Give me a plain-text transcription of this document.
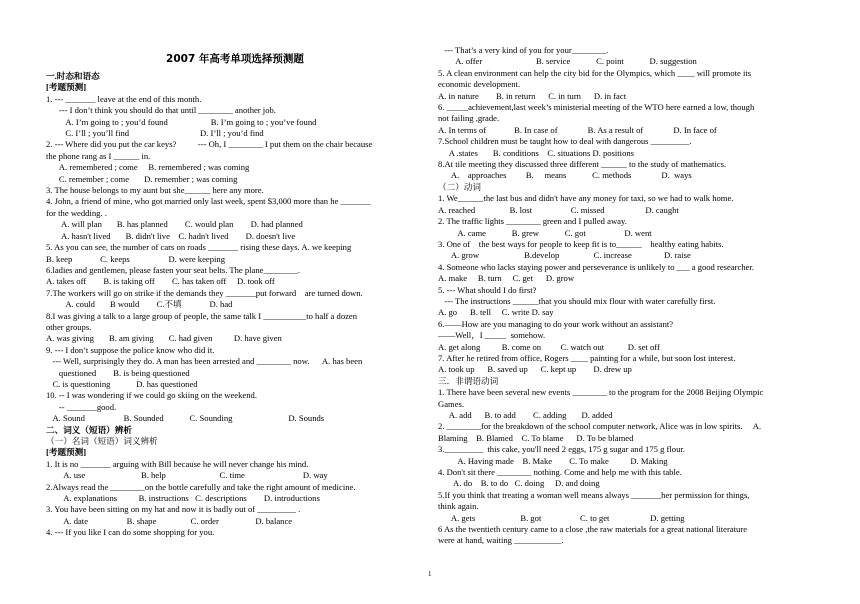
2007 年高考单项选择预测题
一.时态和语态
[考题预测]
1. --- _______ leave at the end of this month.
--- I don’t think you should do that until ________ another job.
A. I’m going to ; you’d found                    B. I’m going to ; you’ve found
C. I’ll ; you’ll find                                 D. I’ll ; you’d find
2. --- Where did you put the car keys?          --- Oh, I ________ I put them on the chair because
the phone rang as I ______ in.
A. remembered ; come     B. remembered ; was coming
C. remember ; come       D. remember ; was coming
3. The house belongs to my aunt but she______ here any more.
4. John, a friend of mine, who got married only last week, spent $3,000 more than he _______
for the wedding. .
A. will plan       B. has planned        C. would plan        D. had planned
A. hasn't lived       B. didn't live    C. hadn't lived        D. doesn't live
5. As you can see, the number of cars on roads _______ rising these days. A. we keeping
B. keep             C. keeps                  D. were keeping
6.ladies and gentlemen, please fasten your seat belts. The plane________.
A. takes off        B. is taking off        C. has taken off     D. took off
7.The workers will go on strike if the demands they _______put forward    are turned down.
A. could       B would        C.不填             D. had
8.I was giving a talk to a large group of people, the same talk I __________to half a dozen
other groups.
A. was giving       B. am giving       C. had given          D. have given
9. --- I don’t suppose the police know who did it.
--- Well, surprisingly they do. A man has been arrested and ________ now.      A. has been
questioned        B. is being questioned
C. is questioning            D. has questioned
10. -- I was wondering if we could go skiing on the weekend.
-- _______good.
A. Sound                  B. Sounded            C. Sounding                          D. Sounds
二、词义（短语）辨析
（一）名词（短语）词义辨析
[考题预测]
1. It is no _______ arguing with Bill because he will never change his mind.
A. use                          B. help                         C. time                           D. way
2.Always read the ________on the bottle carefully and take the right amount of medicine.
A. explanations          B. instructions   C. descriptions        D. introductions
3. You have been sitting on my hat and now it is badly out of _________ .
A. date                  B. shape                C. order                 D. balance
4. --- If you like I can do some shopping for you.
--- That’s a very kind of you for your________.
A. offer                         B. service            C. point            D. suggestion
5. A clean environment can help the city bid for the Olympics, which ____ will promote its
economic development.
A. in nature        B. in return      C. in turn      D. in fact
6. _____achievement,last week’s ministerial meeting of the WTO here earned a low, though
not failing ,grade.
A. In terms of             B. In case of              B. As a result of              D. In face of
7.School children must be taught how to deal with dangerous _________.
A .states       B. conditions    C. situations D. positions
8.At tile meeting they discussed three different ______ to the study of mathematics.
A.    approaches         B.     means            C. methods              D.  ways
（二）动词
1. We______the last bus and didn't have any money for taxi, so we had to walk home.
A. reached                B. lost                  C. missed                   D. caught
2. The traffic lights ________ green and I pulled away.
A. came            B. grew            C. got                  D. went
3. One of    the best ways for people to keep fit is to______    healthy eating habits.
A. grow                     B.develop                C. increase               D. raise
4. Someone who lacks staying power and perseverance is unlikely to ___ a good researcher.
A. make     B. turn     C. get      D. grow
5. --- What should I do first?
--- The instructions ______that you should mix flour with water carefully first.
A. go      B. tell     C. write D. say
6.——How are you managing to do your work without an assistant?
——Well，I _____  somehow.
A. get along          B. come on         C. watch out           D. set off
7. After he retired from office, Rogers ____ painting for a while, but soon lost interest.
A. took up      B. saved up      C. kept up        D. drew up
三．非谓语动词
1. There have been several new events ________ to the program for the 2008 Beijing Olympic
Games.
A. add      B. to add        C. adding       D. added
2. ________for the breakdown of the school computer network, Alice was in low spirits.     A.
Blaming    B. Blamed    C. To blame      D. To be blamed
3._________  this cake, you'll need 2 eggs, 175 g sugar and 175 g flour.
A. Having made    B. Make        C. To make          D. Making
4. Don't sit there ________ nothing. Come and help me with this table.
A. do    B. to do   C. doing     D. and doing
5.If you think that treating a woman well means always _______her permission for things,
think again.
A. gets                     B. got                  C. to get                   D. getting
6 As the twentieth century came to a close ,the raw materials for a great national literature
were at hand, waiting ___________.
1
